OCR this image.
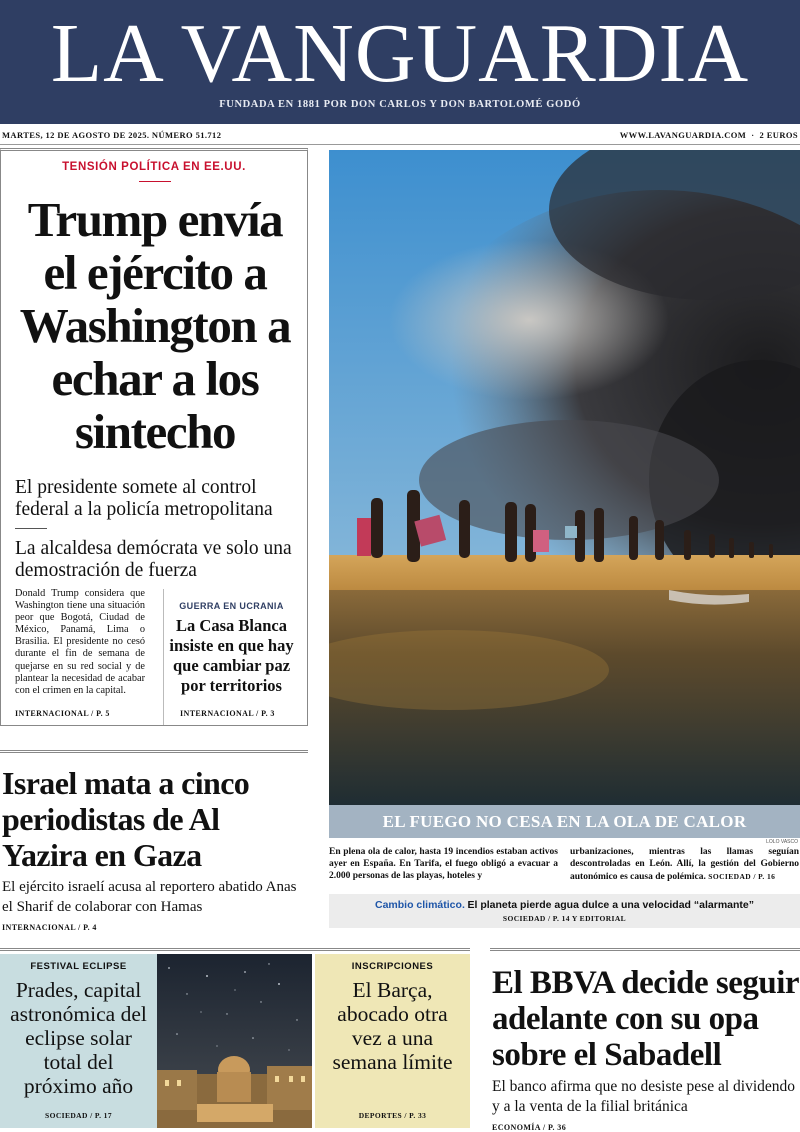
LA VANGUARDIA
FUNDADA EN 1881 POR DON CARLOS Y DON BARTOLOMÉ GODÓ
MARTES, 12 DE AGOSTO DE 2025. NÚMERO 51.712	WWW.LAVANGUARDIA.COM  ·  2 EUROS
TENSIÓN POLÍTICA EN EE.UU.
Trump envía el ejército a Washington a echar a los sintecho

El presidente somete al control federal a la policía metropolitana

La alcaldesa demócrata ve solo una demostración de fuerza

Donald Trump considera que Washington tiene una situación peor que Bogotá, Ciudad de México, Panamá, Lima o Brasilia. El presidente no cesó durante el fin de semana de quejarse en su red social y de plantear la necesidad de acabar con el crimen en la capital.

INTERNACIONAL / P. 5
GUERRA EN UCRANIA
La Casa Blanca insiste en que hay que cambiar paz por territorios
INTERNACIONAL / P. 3
EL FUEGO NO CESA EN LA OLA DE CALOR
LOLO VASCO

En plena ola de calor, hasta 19 incendios estaban activos ayer en España. En Tarifa, el fuego obligó a evacuar a 2.000 personas de las playas, hoteles y

urbanizaciones, mientras las llamas seguían descontroladas en León. Allí, la gestión del Gobierno autonómico es causa de polémica. SOCIEDAD / P. 16

Cambio climático. El planeta pierde agua dulce a una velocidad “alarmante”
SOCIEDAD / P. 14 Y EDITORIAL
Israel mata a cinco periodistas de Al Yazira en Gaza

El ejército israelí acusa al reportero abatido Anas el Sharif de colaborar con Hamas

INTERNACIONAL / P. 4
FESTIVAL ECLIPSE
Prades, capital astronómica del eclipse solar total del próximo año
SOCIEDAD / P. 17
INSCRIPCIONES
El Barça, abocado otra vez a una semana límite
DEPORTES / P. 33
El BBVA decide seguir adelante con su opa sobre el Sabadell

El banco afirma que no desiste pese al dividendo y a la venta de la filial británica

ECONOMÍA / P. 36
